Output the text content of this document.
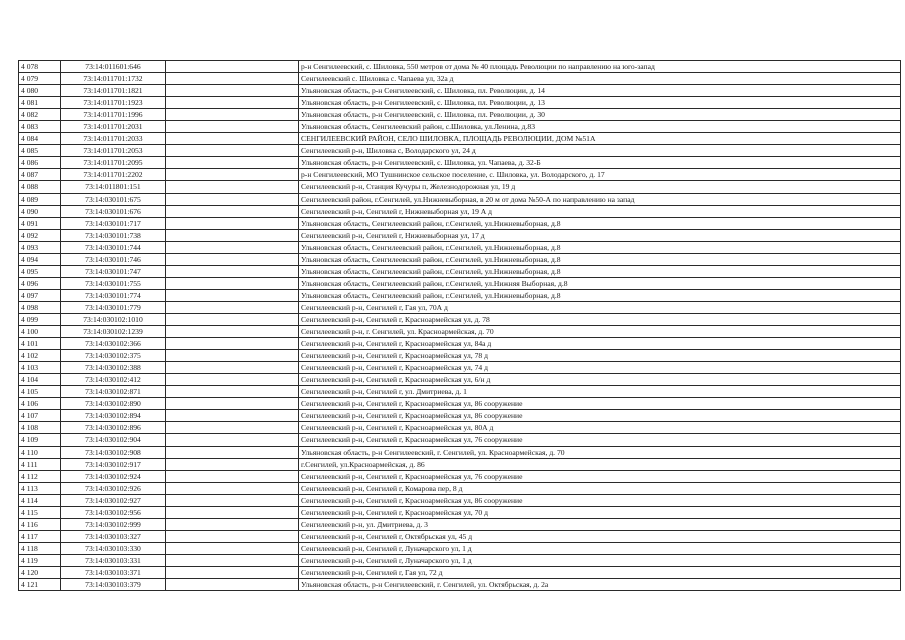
4 078	73:14:011601:646		р-н Сенгилеевский, с. Шиловка, 550 метров от дома № 40 площадь Революции по направлению на юго-запад
4 079	73:14:011701:1732		Сенгилеевский с. Шиловка с. Чапаева ул, 32а д
4 080	73:14:011701:1821		Ульяновская область, р-н Сенгилеевский, с. Шиловка, пл. Революции, д. 14
4 081	73:14:011701:1923		Ульяновская область, р-н Сенгилеевский, с. Шиловка, пл. Революции, д. 13
4 082	73:14:011701:1996		Ульяновская область, р-н Сенгилеевский, с. Шиловка, пл. Революции, д. 30
4 083	73:14:011701:2031		Ульяновская область, Сенгилеевский район, с.Шиловка, ул.Ленина, д.83
4 084	73:14:011701:2033		СЕНГИЛЕЕВСКИЙ РАЙОН, СЕЛО ШИЛОВКА, ПЛОЩАДЬ РЕВОЛЮЦИИ, ДОМ №51А
4 085	73:14:011701:2053		Сенгилеевский р-н, Шиловка с, Володарского ул, 24 д
4 086	73:14:011701:2095		Ульяновская область, р-н Сенгилеевский, с. Шиловка, ул. Чапаева, д. 32-Б
4 087	73:14:011701:2202		р-н Сенгилеевский, МО Тушнинское сельское поселение, с. Шиловка, ул. Володарского, д. 17
4 088	73:14:011801:151		Сенгилеевский р-н, Станция Кучуры п, Железнодорожная ул, 19 д
4 089	73:14:030101:675		Сенгилеевский район, г.Сенгилей, ул.Нижневыборная, в 20 м от дома №50-А по направлению на запад
4 090	73:14:030101:676		Сенгилеевский р-н, Сенгилей г, Нижневыборная ул, 19 А д
4 091	73:14:030101:717		Ульяновская область, Сенгилеевский район, г.Сенгилей, ул.Нижневыборная, д.8
4 092	73:14:030101:738		Сенгилеевский р-н, Сенгилей г, Нижневыборная ул, 17 д
4 093	73:14:030101:744		Ульяновская область, Сенгилеевский район, г.Сенгилей, ул.Нижневыборная, д.8
4 094	73:14:030101:746		Ульяновская область, Сенгилеевский район, г.Сенгилей, ул.Нижневыборная, д.8
4 095	73:14:030101:747		Ульяновская область, Сенгилеевский район, г.Сенгилей, ул.Нижневыборная, д.8
4 096	73:14:030101:755		Ульяновская область, Сенгилеевский район, г.Сенгилей, ул.Нижняя Выборная, д.8
4 097	73:14:030101:774		Ульяновская область, Сенгилеевский район, г.Сенгилей, ул.Нижневыборная, д.8
4 098	73:14:030101:779		Сенгилеевский р-н, Сенгилей г, Гая ул, 70А д
4 099	73:14:030102:1010		Сенгилеевский р-н, Сенгилей г, Красноармейская ул, д. 78
4 100	73:14:030102:1239		Сенгилеевский р-н, г. Сенгилей, ул. Красноармейская, д. 70
4 101	73:14:030102:366		Сенгилеевский р-н, Сенгилей г, Красноармейская ул, 84а д
4 102	73:14:030102:375		Сенгилеевский р-н, Сенгилей г, Красноармейская ул, 78 д
4 103	73:14:030102:388		Сенгилеевский р-н, Сенгилей г, Красноармейская ул, 74 д
4 104	73:14:030102:412		Сенгилеевский р-н, Сенгилей г, Красноармейская ул, 6/н д
4 105	73:14:030102:871		Сенгилеевский р-н, Сенгилей г, ул. Дмитриева, д. 1
4 106	73:14:030102:890		Сенгилеевский р-н, Сенгилей г, Красноармейская ул, 86 сооружение
4 107	73:14:030102:894		Сенгилеевский р-н, Сенгилей г, Красноармейская ул, 86 сооружение
4 108	73:14:030102:896		Сенгилеевский р-н, Сенгилей г, Красноармейская ул, 80А д
4 109	73:14:030102:904		Сенгилеевский р-н, Сенгилей г, Красноармейская ул, 76 сооружение
4 110	73:14:030102:908		Ульяновская область, р-н Сенгилеевский, г. Сенгилей, ул. Красноармейская, д. 70
4 111	73:14:030102:917		г.Сенгилей, ул.Красноармейская, д. 86
4 112	73:14:030102:924		Сенгилеевский р-н, Сенгилей г, Красноармейская ул, 76 сооружение
4 113	73:14:030102:926		Сенгилеевский р-н, Сенгилей г, Комарова пер, 8 д
4 114	73:14:030102:927		Сенгилеевский р-н, Сенгилей г, Красноармейская ул, 86 сооружение
4 115	73:14:030102:956		Сенгилеевский р-н, Сенгилей г, Красноармейская ул, 70 д
4 116	73:14:030102:999		Сенгилеевский р-н, ул. Дмитриева, д. 3
4 117	73:14:030103:327		Сенгилеевский р-н, Сенгилей г, Октябрьская ул, 45 д
4 118	73:14:030103:330		Сенгилеевский р-н, Сенгилей г, Луначарского ул, 1 д
4 119	73:14:030103:331		Сенгилеевский р-н, Сенгилей г, Луначарского ул, 1 д
4 120	73:14:030103:371		Сенгилеевский р-н, Сенгилей г, Гая ул, 72 д
4 121	73:14:030103:379		Ульяновская область, р-н Сенгилеевский, г. Сенгилей, ул. Октябрьская, д. 2а
